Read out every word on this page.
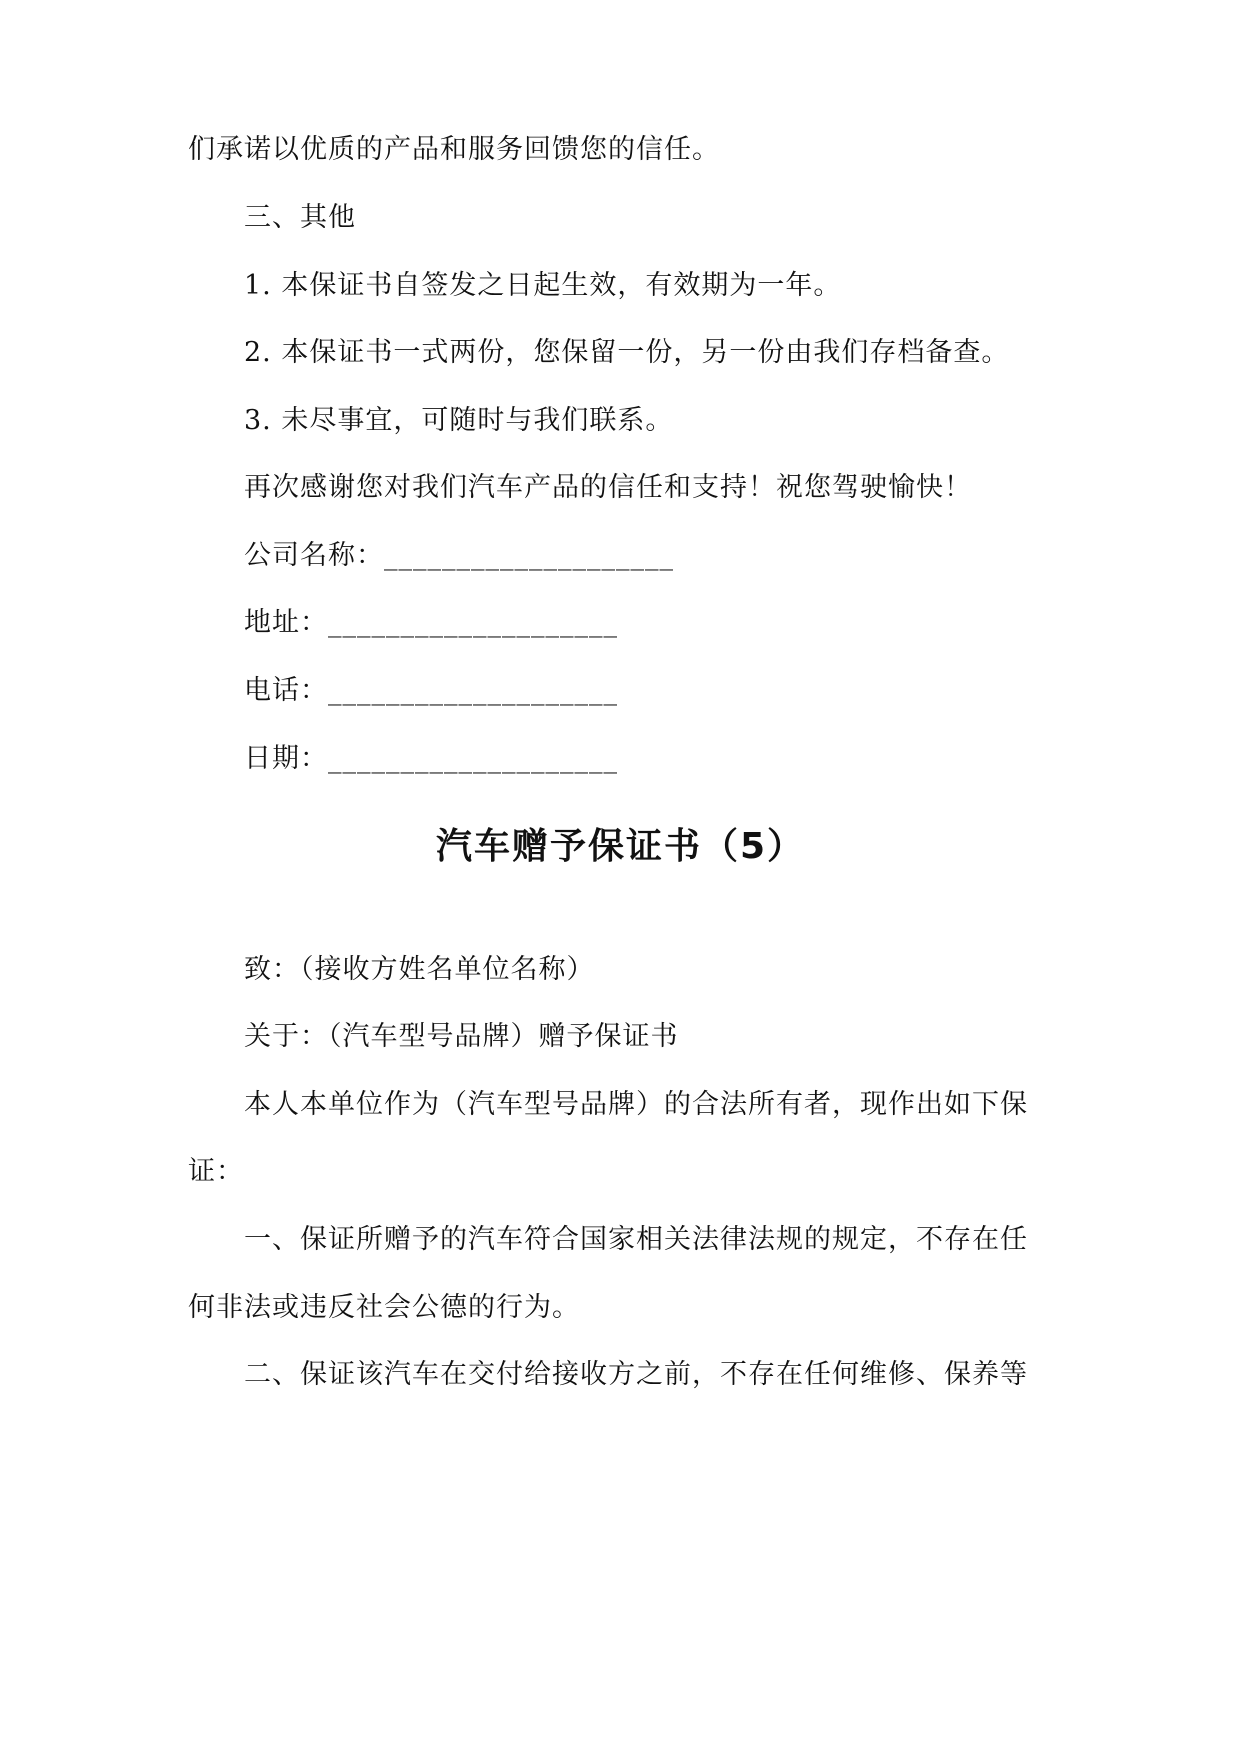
们承诺以优质的产品和服务回馈您的信任。
三、其他
1. 本保证书自签发之日起生效，有效期为一年。
2. 本保证书一式两份，您保留一份，另一份由我们存档备查。
3. 未尽事宜，可随时与我们联系。
再次感谢您对我们汽车产品的信任和支持！祝您驾驶愉快！
公司名称：____________________
地址：____________________
电话：____________________
日期：____________________
汽车赠予保证书（5）
致：（接收方姓名单位名称）
关于：（汽车型号品牌）赠予保证书
本人本单位作为（汽车型号品牌）的合法所有者，现作出如下保
证：
一、保证所赠予的汽车符合国家相关法律法规的规定，不存在任
何非法或违反社会公德的行为。
二、保证该汽车在交付给接收方之前，不存在任何维修、保养等
